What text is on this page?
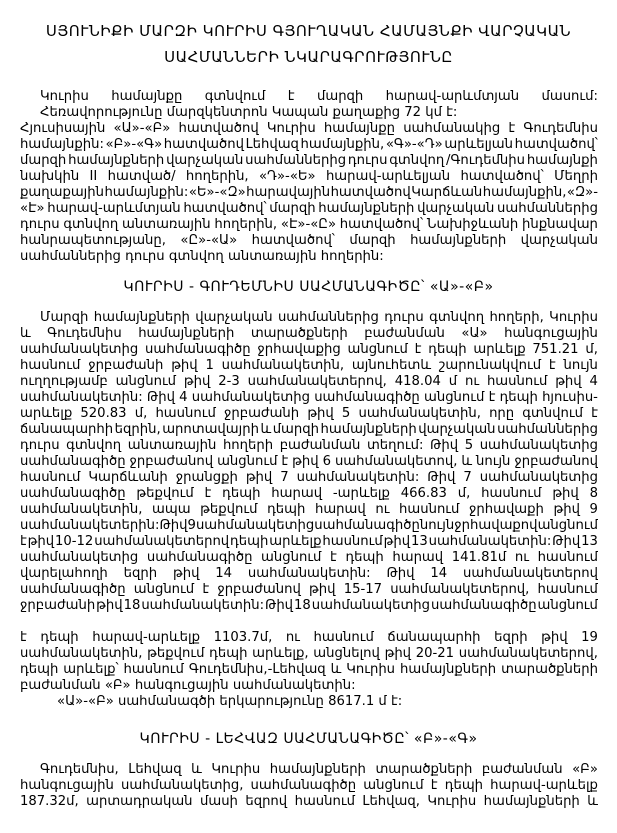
ՍՅՈՒՆԻՔԻ ՄԱՐԶԻ ԿՈՒՐԻՍ ԳՅՈՒՂԱԿԱՆ ՀԱՄԱՅՆՔԻ ՎԱՐՉԱԿԱՆ
ՍԱՀՄԱՆՆԵՐԻ ՆԿԱՐԱԳՐՈՒԹՅՈՒՆԸ
Կուրիս համայնքը գտնվում է մարզի հարավ-արևմտյան մասում:
Հեռավորությունը մարզկենտրոն Կապան քաղաքից 72 կմ է:
Հյուսիսային «Ա»-«Բ» հատվածով Կուրիս համայնքը սահմանակից է Գուդեմնիս
համայնքին: «Բ»-«Գ» հատվածով Լեհվազ համայնքին, «Գ»-«Դ» արևելյան հատվածով՝
մարզի համայնքների վարչական սահմաններից դուրս գտնվող /Գուդեմնիս համայնքի
նախկին II հատված/ հողերին, «Դ»-«Ե» հարավ-արևելյան հատվածով՝ Մեղրի
քաղաքային համայնքին: «Ե»-«Զ» հարավային հատվածով Կարճևան համայնքին, «Զ»-
«Է» հարավ-արևմտյան հատվածով՝ մարզի համայնքների վարչական սահմաններից
դուրս գտնվող անտառային հողերին, «Է»-«Ը» հատվածով՝ Նախիջևանի ինքնավար
հանրապետությանը, «Ը»-«Ա» հատվածով՝ մարզի համայնքների վարչական
սահմաններից դուրս գտնվող անտառային հողերին:
ԿՈՒՐԻՍ - ԳՈՒԴԵՄՆԻՍ ՍԱՀՄԱՆԱԳԻԾԸ՝ «Ա»-«Բ»
Մարզի համայնքների վարչական սահմաններից դուրս գտնվող հողերի, Կուրիս
և Գուդեմնիս համայնքների տարածքների բաժանման «Ա» հանգուցային
սահմանակետից սահմանագիծը ջրհավաքից անցնում է դեպի արևելք 751.21 մ,
հասնում ջրբաժանի թիվ 1 սահմանակետին, այնուհետև շարունակվում է նույն
ուղղությամբ անցնում թիվ 2-3 սահմանակետերով, 418.04 մ ու հասնում թիվ 4
սահմանակետին: Թիվ 4 սահմանակետից սահմանագիծը անցնում է դեպի հյուսիս-
արևելք 520.83 մ, հասնում ջրբաժանի թիվ 5 սահմանակետին, որը գտնվում է
ճանապարհի եզրին, արոտավայրի և մարզի համայնքների վարչական սահմաններից
դուրս գտնվող անտառային հողերի բաժանման տեղում: Թիվ 5 սահմանակետից
սահմանագիծը ջրբաժանով անցնում է թիվ 6 սահմանակետով, և նույն ջրբաժանով
հասնում Կարճևանի ջրանցքի թիվ 7 սահմանակետին: Թիվ 7 սահմանակետից
սահմանագիծը թեքվում է դեպի հարավ -արևելք 466.83 մ, հասնում թիվ 8
սահմանակետին, ապա թեքվում դեպի հարավ ու հասնում ջրհավաքի թիվ 9
սահմանակետերին: Թիվ 9 սահմանակետից սահմանագիծը նույն ջրհավաքով անցնում
է թիվ 10-12 սահմանակետերով դեպի արևելք հասնում թիվ 13 սահմանակետին: Թիվ 13
սահմանակետից սահմանագիծը անցնում է դեպի հարավ 141.81մ ու հասնում
վարելահողի եզրի թիվ 14 սահմանակետին: Թիվ 14 սահմանակետերով
սահմանագիծը անցնում է ջրբաժանով թիվ 15-17 սահմանակետերով, հասնում
ջրբաժանի թիվ 18 սահմանակետին: Թիվ 18 սահմանակետից սահմանագիծը անցնում
է դեպի հարավ-արևելք 1103.7մ, ու հասնում ճանապարհի եզրի թիվ 19
սահմանակետին, թեքվում դեպի արևելք, անցնելով թիվ 20-21 սահմանակետերով,
դեպի արևելք՝ հասնում Գուդեմնիս,-Լեհվազ և Կուրիս համայնքների տարածքների
բաժանման «Բ» հանգուցային սահմանակետին:
«Ա»-«Բ» սահմանագծի երկարությունը 8617.1 մ է:
ԿՈՒՐԻՍ - ԼԵՀՎԱԶ ՍԱՀՄԱՆԱԳԻԾԸ՝ «Բ»-«Գ»
Գուդեմնիս, Լեհվազ և Կուրիս համայնքների տարածքների բաժանման «Բ»
հանգուցային սահմանակետից, սահմանագիծը անցնում է դեպի հարավ-արևելք
187.32մ, արտադրական մասի եզրով հասնում Լեհվազ, Կուրիս համայնքների և
